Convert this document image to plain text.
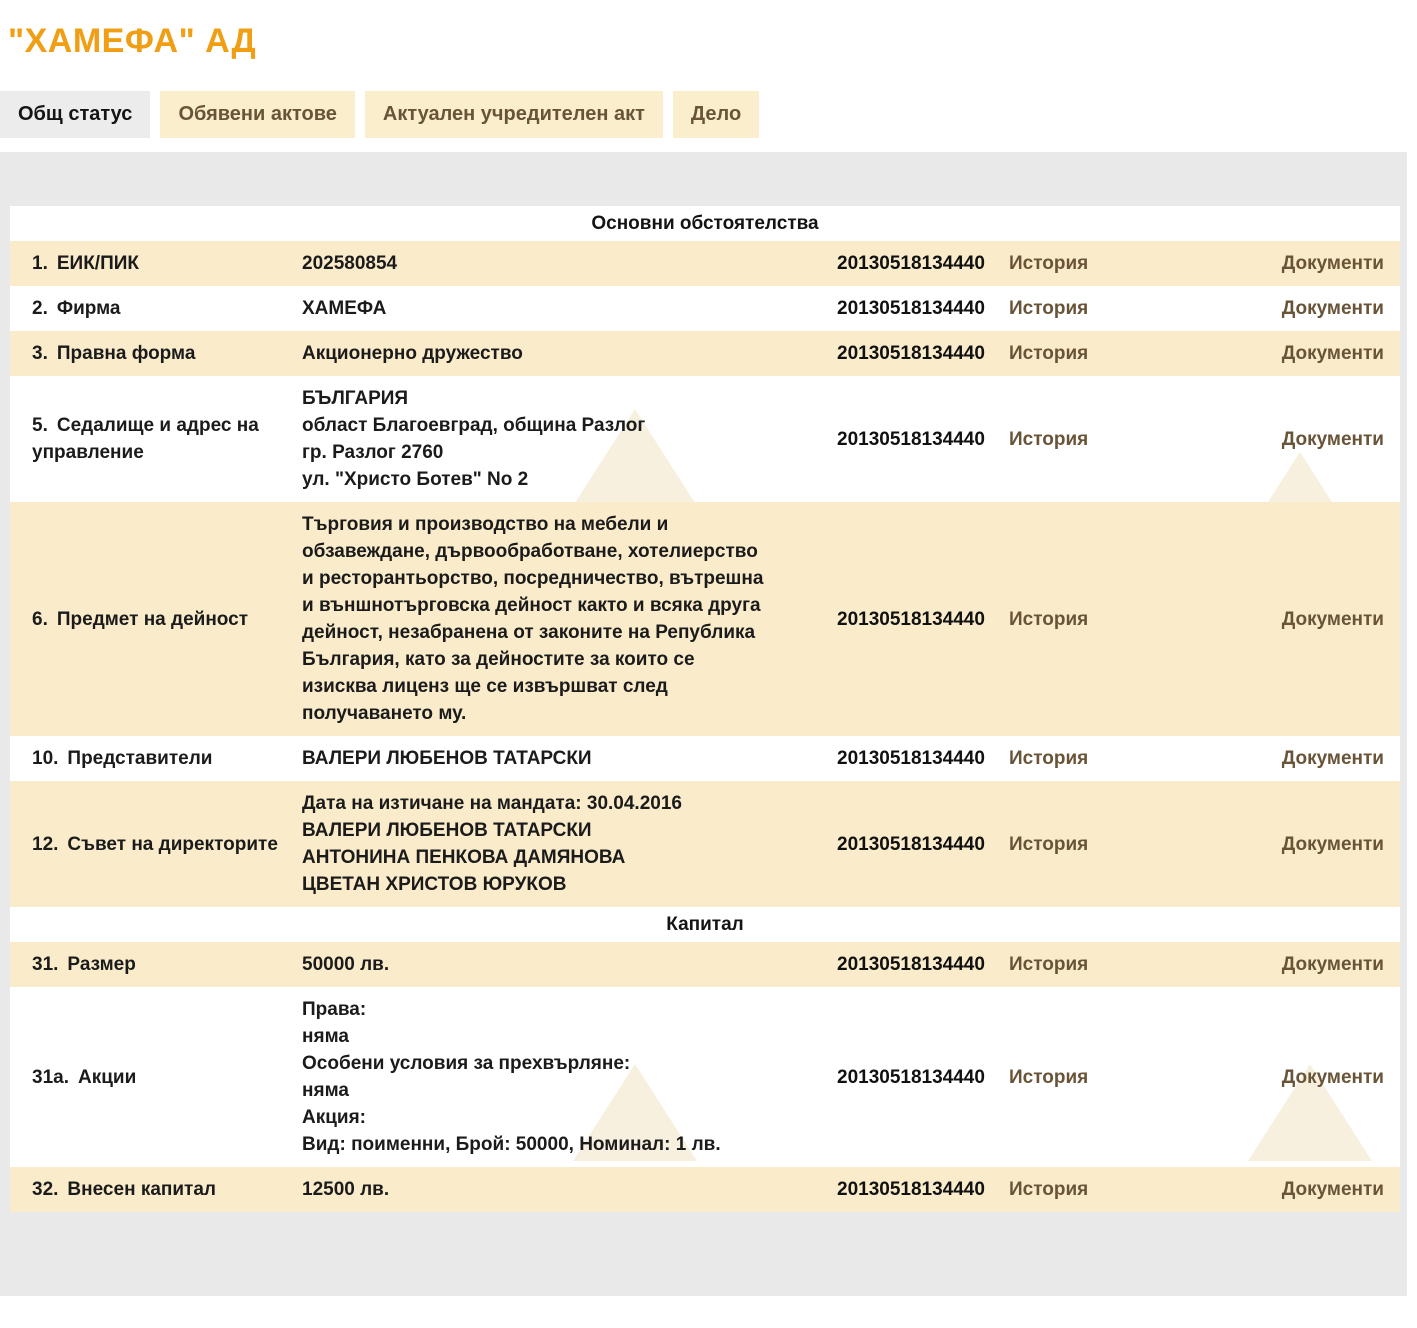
"ХАМЕФА" АД
Общ статус	Обявени актове	Актуален учредителен акт	Дело
Основни обстоятелства
1. ЕИК/ПИК	202580854	20130518134440	История	Документи
2. Фирма	ХАМЕФА	20130518134440	История	Документи
3. Правна форма	Акционерно дружество	20130518134440	История	Документи
5. Седалище и адрес на управление
БЪЛГАРИЯ
област Благоевград, община Разлог
гр. Разлог 2760
ул. "Христо Ботев" No 2
20130518134440	История	Документи
6. Предмет на дейност
Търговия и производство на мебели и
обзавеждане, дървообработване, хотелиерство
и ресторантьорство, посредничество, вътрешна
и външнотърговска дейност както и всяка друга
дейност, незабранена от законите на Република
България, като за дейностите за които се
изисква лиценз ще се извършват след
получаването му.
20130518134440	История	Документи
10. Представители	ВАЛЕРИ ЛЮБЕНОВ ТАТАРСКИ	20130518134440	История	Документи
12. Съвет на директорите
Дата на изтичане на мандата: 30.04.2016
ВАЛЕРИ ЛЮБЕНОВ ТАТАРСКИ
АНТОНИНА ПЕНКОВА ДАМЯНОВА
ЦВЕТАН ХРИСТОВ ЮРУКОВ
20130518134440	История	Документи
Капитал
31. Размер	50000 лв.	20130518134440	История	Документи
31а. Акции
Права:
няма
Особени условия за прехвърляне:
няма
Акция:
Вид: поименни, Брой: 50000, Номинал: 1 лв.
20130518134440	История	Документи
32. Внесен капитал	12500 лв.	20130518134440	История	Документи
